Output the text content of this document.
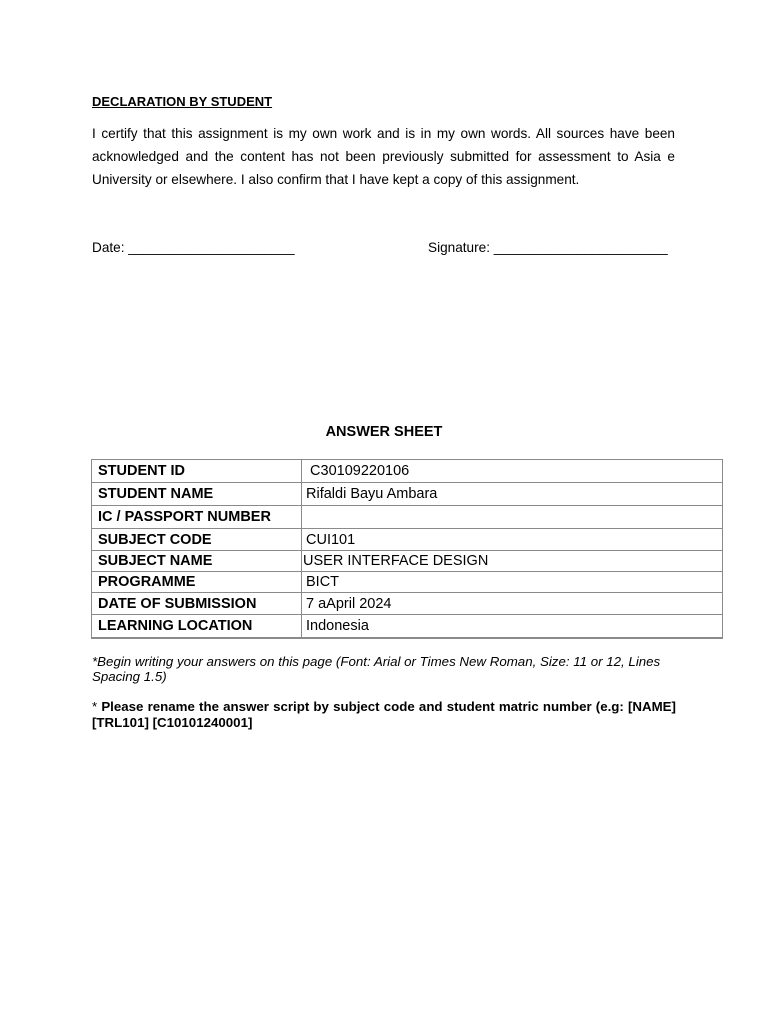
DECLARATION BY STUDENT

I certify that this assignment is my own work and is in my own words. All sources have been acknowledged and the content has not been previously submitted for assessment to Asia e University or elsewhere. I also confirm that I have kept a copy of this assignment.

Date: ______________________	Signature: _______________________

ANSWER SHEET

STUDENT ID	C30109220106
STUDENT NAME	Rifaldi Bayu Ambara
IC / PASSPORT NUMBER	
SUBJECT CODE	CUI101
SUBJECT NAME	USER INTERFACE DESIGN
PROGRAMME	BICT
DATE OF SUBMISSION	7 aApril 2024
LEARNING LOCATION	Indonesia

*Begin writing your answers on this page (Font: Arial or Times New Roman, Size: 11 or 12, Lines Spacing 1.5)

* Please rename the answer script by subject code and student matric number (e.g: [NAME] [TRL101] [C10101240001]
